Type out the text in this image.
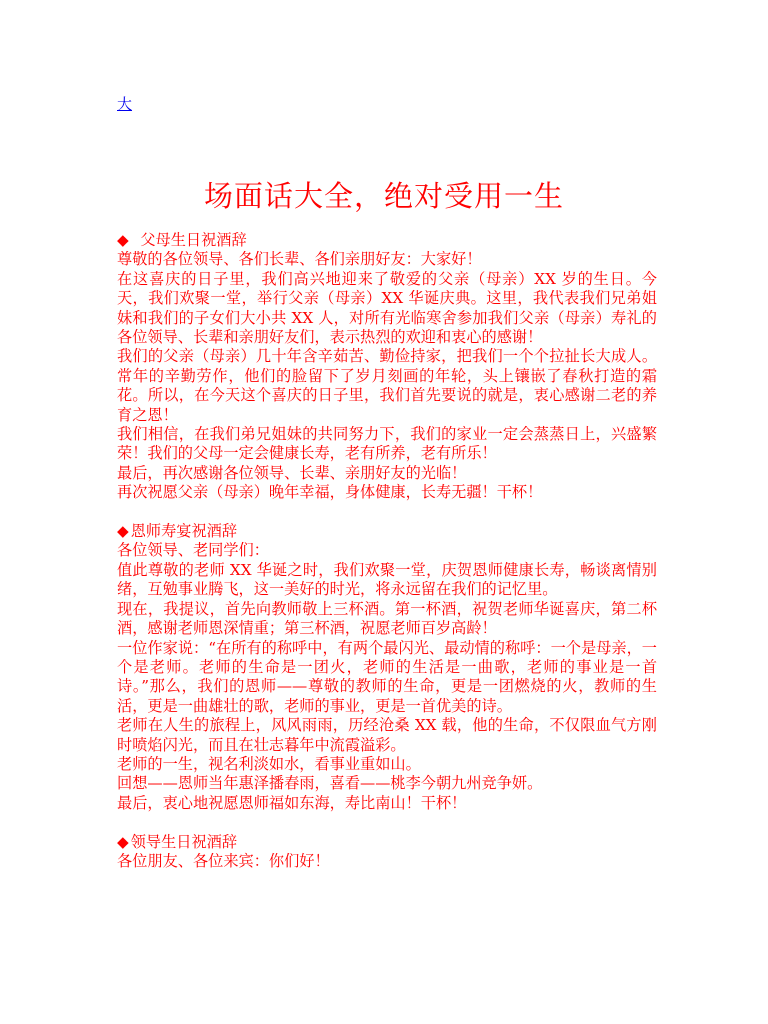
大
场面话大全，绝对受用一生

◆  父母生日祝酒辞

尊敬的各位领导、各们长辈、各们亲朋好友：大家好！

在这喜庆的日子里，我们高兴地迎来了敬爱的父亲（母亲）XX 岁的生日。今天，我们欢聚一堂，举行父亲（母亲）XX 华诞庆典。这里，我代表我们兄弟姐妹和我们的子女们大小共 XX 人，对所有光临寒舍参加我们父亲（母亲）寿礼的各位领导、长辈和亲朋好友们，表示热烈的欢迎和衷心的感谢！

我们的父亲（母亲）几十年含辛茹苦、勤俭持家，把我们一个个拉扯长大成人。常年的辛勤劳作，他们的脸留下了岁月刻画的年轮，头上镶嵌了春秋打造的霜花。所以，在今天这个喜庆的日子里，我们首先要说的就是，衷心感谢二老的养育之恩！

我们相信，在我们弟兄姐妹的共同努力下，我们的家业一定会蒸蒸日上，兴盛繁荣！我们的父母一定会健康长寿，老有所养，老有所乐！

最后，再次感谢各位领导、长辈、亲朋好友的光临！

再次祝愿父亲（母亲）晚年幸福，身体健康，长寿无疆！干杯！

◆ 恩师寿宴祝酒辞

各位领导、老同学们：

值此尊敬的老师 XX 华诞之时，我们欢聚一堂，庆贺恩师健康长寿，畅谈离情别绪，互勉事业腾飞，这一美好的时光，将永远留在我们的记忆里。

现在，我提议，首先向教师敬上三杯酒。第一杯酒，祝贺老师华诞喜庆，第二杯酒，感谢老师恩深情重；第三杯酒，祝愿老师百岁高龄！

一位作家说：“在所有的称呼中，有两个最闪光、最动情的称呼：一个是母亲，一个是老师。老师的生命是一团火，老师的生活是一曲歌，老师的事业是一首诗。”那么，我们的恩师——尊敬的教师的生命，更是一团燃烧的火，教师的生活，更是一曲雄壮的歌，老师的事业，更是一首优美的诗。

老师在人生的旅程上，风风雨雨，历经沧桑 XX 载，他的生命，不仅限血气方刚时喷焰闪光，而且在壮志暮年中流霞溢彩。

老师的一生，视名利淡如水，看事业重如山。

回想——恩师当年惠泽播春雨，喜看——桃李今朝九州竞争妍。

最后，衷心地祝愿恩师福如东海，寿比南山！干杯！

◆ 领导生日祝酒辞

各位朋友、各位来宾：你们好！
